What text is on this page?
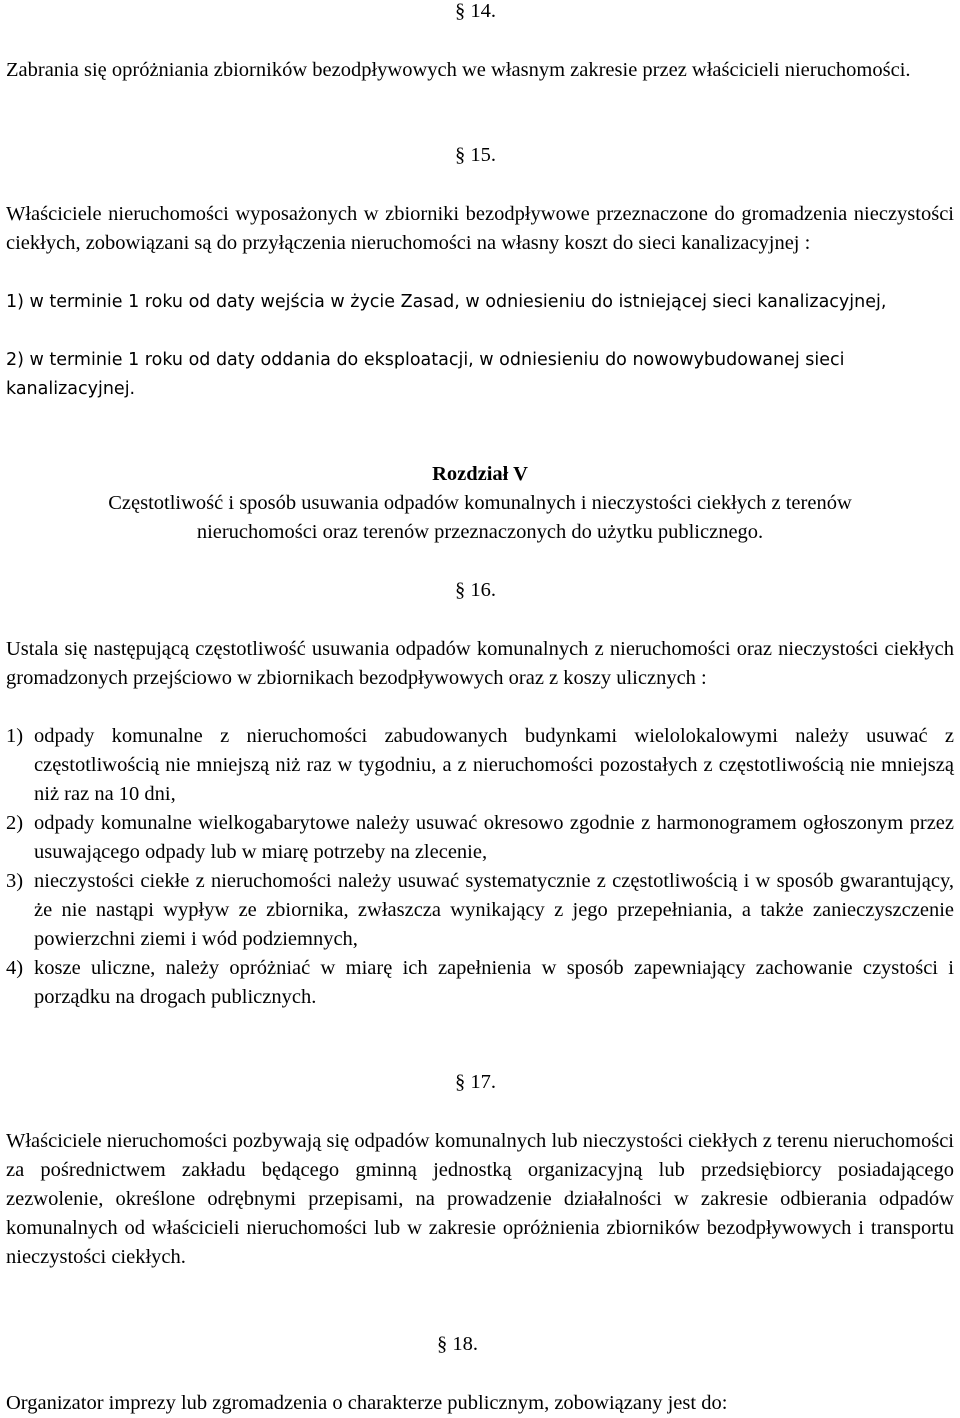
§ 14.

Zabrania się opróżniania zbiorników bezodpływowych we własnym zakresie przez właścicieli nieruchomości.

§ 15.

Właściciele nieruchomości wyposażonych w zbiorniki bezodpływowe przeznaczone do gromadzenia nieczystości ciekłych, zobowiązani są do przyłączenia nieruchomości na własny koszt do sieci kanalizacyjnej :

1) w terminie 1 roku od daty wejścia w życie Zasad, w odniesieniu do istniejącej sieci kanalizacyjnej,

2) w terminie 1 roku od daty oddania do eksploatacji, w odniesieniu do nowowybudowanej sieci kanalizacyjnej.

Rozdział V
Częstotliwość i sposób usuwania odpadów komunalnych i nieczystości ciekłych z terenów
nieruchomości oraz terenów przeznaczonych do użytku publicznego.
§ 16.

Ustala się następującą częstotliwość usuwania odpadów komunalnych z nieruchomości oraz nieczystości ciekłych gromadzonych przejściowo w zbiornikach bezodpływowych oraz z koszy ulicznych :

1) odpady komunalne z nieruchomości zabudowanych budynkami wielolokalowymi należy usuwać z częstotliwością nie mniejszą niż raz w tygodniu, a z nieruchomości pozostałych z częstotliwością nie mniejszą niż raz na 10 dni,
2) odpady komunalne wielkogabarytowe należy usuwać okresowo zgodnie z harmonogramem ogłoszonym przez usuwającego odpady lub w miarę potrzeby na zlecenie,
3) nieczystości ciekłe z nieruchomości należy usuwać systematycznie z częstotliwością i w sposób gwarantujący, że nie nastąpi wypływ ze zbiornika, zwłaszcza wynikający z jego przepełniania, a także zanieczyszczenie powierzchni ziemi i wód podziemnych,
4) kosze uliczne, należy opróżniać w miarę ich zapełnienia w sposób zapewniający zachowanie czystości i porządku na drogach publicznych.
§ 17.

Właściciele nieruchomości pozbywają się odpadów komunalnych lub nieczystości ciekłych z terenu nieruchomości za pośrednictwem zakładu będącego gminną jednostką organizacyjną lub przedsiębiorcy posiadającego zezwolenie, określone odrębnymi przepisami, na prowadzenie działalności w zakresie odbierania odpadów komunalnych od właścicieli nieruchomości lub w zakresie opróżnienia zbiorników bezodpływowych i transportu nieczystości ciekłych.

§ 18.

Organizator imprezy lub zgromadzenia o charakterze publicznym, zobowiązany jest do:
